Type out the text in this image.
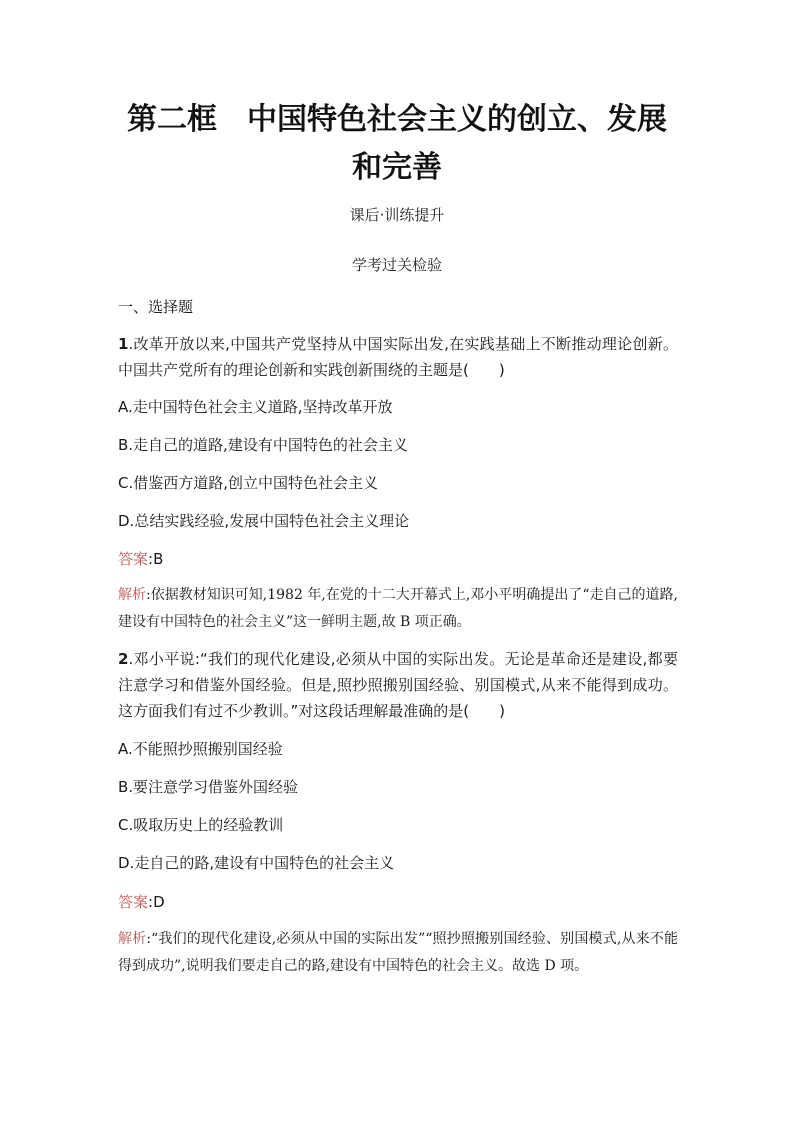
第二框　中国特色社会主义的创立、发展
和完善
课后·训练提升
学考过关检验
一、选择题
1.改革开放以来,中国共产党坚持从中国实际出发,在实践基础上不断推动理论创新。中国共产党所有的理论创新和实践创新围绕的主题是(　　)
A.走中国特色社会主义道路,坚持改革开放
B.走自己的道路,建设有中国特色的社会主义
C.借鉴西方道路,创立中国特色社会主义
D.总结实践经验,发展中国特色社会主义理论
答案:B
解析:依据教材知识可知,1982 年,在党的十二大开幕式上,邓小平明确提出了“走自己的道路,建设有中国特色的社会主义”这一鲜明主题,故 B 项正确。
2.邓小平说:“我们的现代化建设,必须从中国的实际出发。无论是革命还是建设,都要注意学习和借鉴外国经验。但是,照抄照搬别国经验、别国模式,从来不能得到成功。这方面我们有过不少教训。”对这段话理解最准确的是(　　)
A.不能照抄照搬别国经验
B.要注意学习借鉴外国经验
C.吸取历史上的经验教训
D.走自己的路,建设有中国特色的社会主义
答案:D
解析:“我们的现代化建设,必须从中国的实际出发”“照抄照搬别国经验、别国模式,从来不能得到成功”,说明我们要走自己的路,建设有中国特色的社会主义。故选 D 项。
